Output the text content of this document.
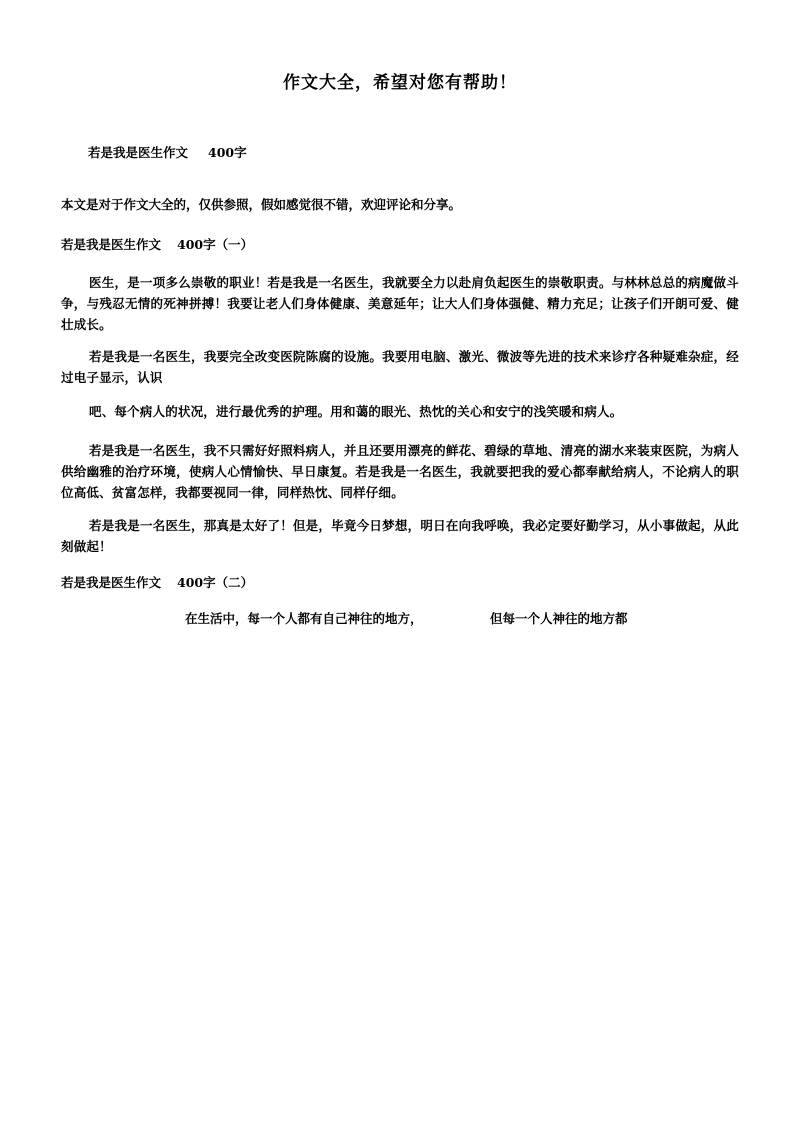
作文大全，希望对您有帮助！
若是我是医生作文 400字
本文是对于作文大全的，仅供参照，假如感觉很不错，欢迎评论和分享。
若是我是医生作文 400字（一）
医生，是一项多么崇敬的职业！若是我是一名医生，我就要全力以赴肩负起医生的崇敬职责。与林林总总的病魔做斗争，与残忍无情的死神拼搏！我要让老人们身体健康、美意延年；让大人们身体强健、精力充足；让孩子们开朗可爱、健壮成长。
若是我是一名医生，我要完全改变医院陈腐的设施。我要用电脑、激光、微波等先进的技术来诊疗各种疑难杂症，经过电子显示，认识
吧、每个病人的状况，进行最优秀的护理。用和蔼的眼光、热忱的关心和安宁的浅笑暖和病人。
若是我是一名医生，我不只需好好照料病人，并且还要用漂亮的鲜花、碧绿的草地、清亮的湖水来装束医院，为病人供给幽雅的治疗环境，使病人心情愉快、早日康复。若是我是一名医生，我就要把我的爱心都奉献给病人，不论病人的职位高低、贫富怎样，我都要视同一律，同样热忱、同样仔细。
若是我是一名医生，那真是太好了！但是，毕竟今日梦想，明日在向我呼唤，我必定要好勤学习，从小事做起，从此刻做起！
若是我是医生作文 400字（二）
在生活中，每一个人都有自己神往的地方，	但每一个人神往的地方都
